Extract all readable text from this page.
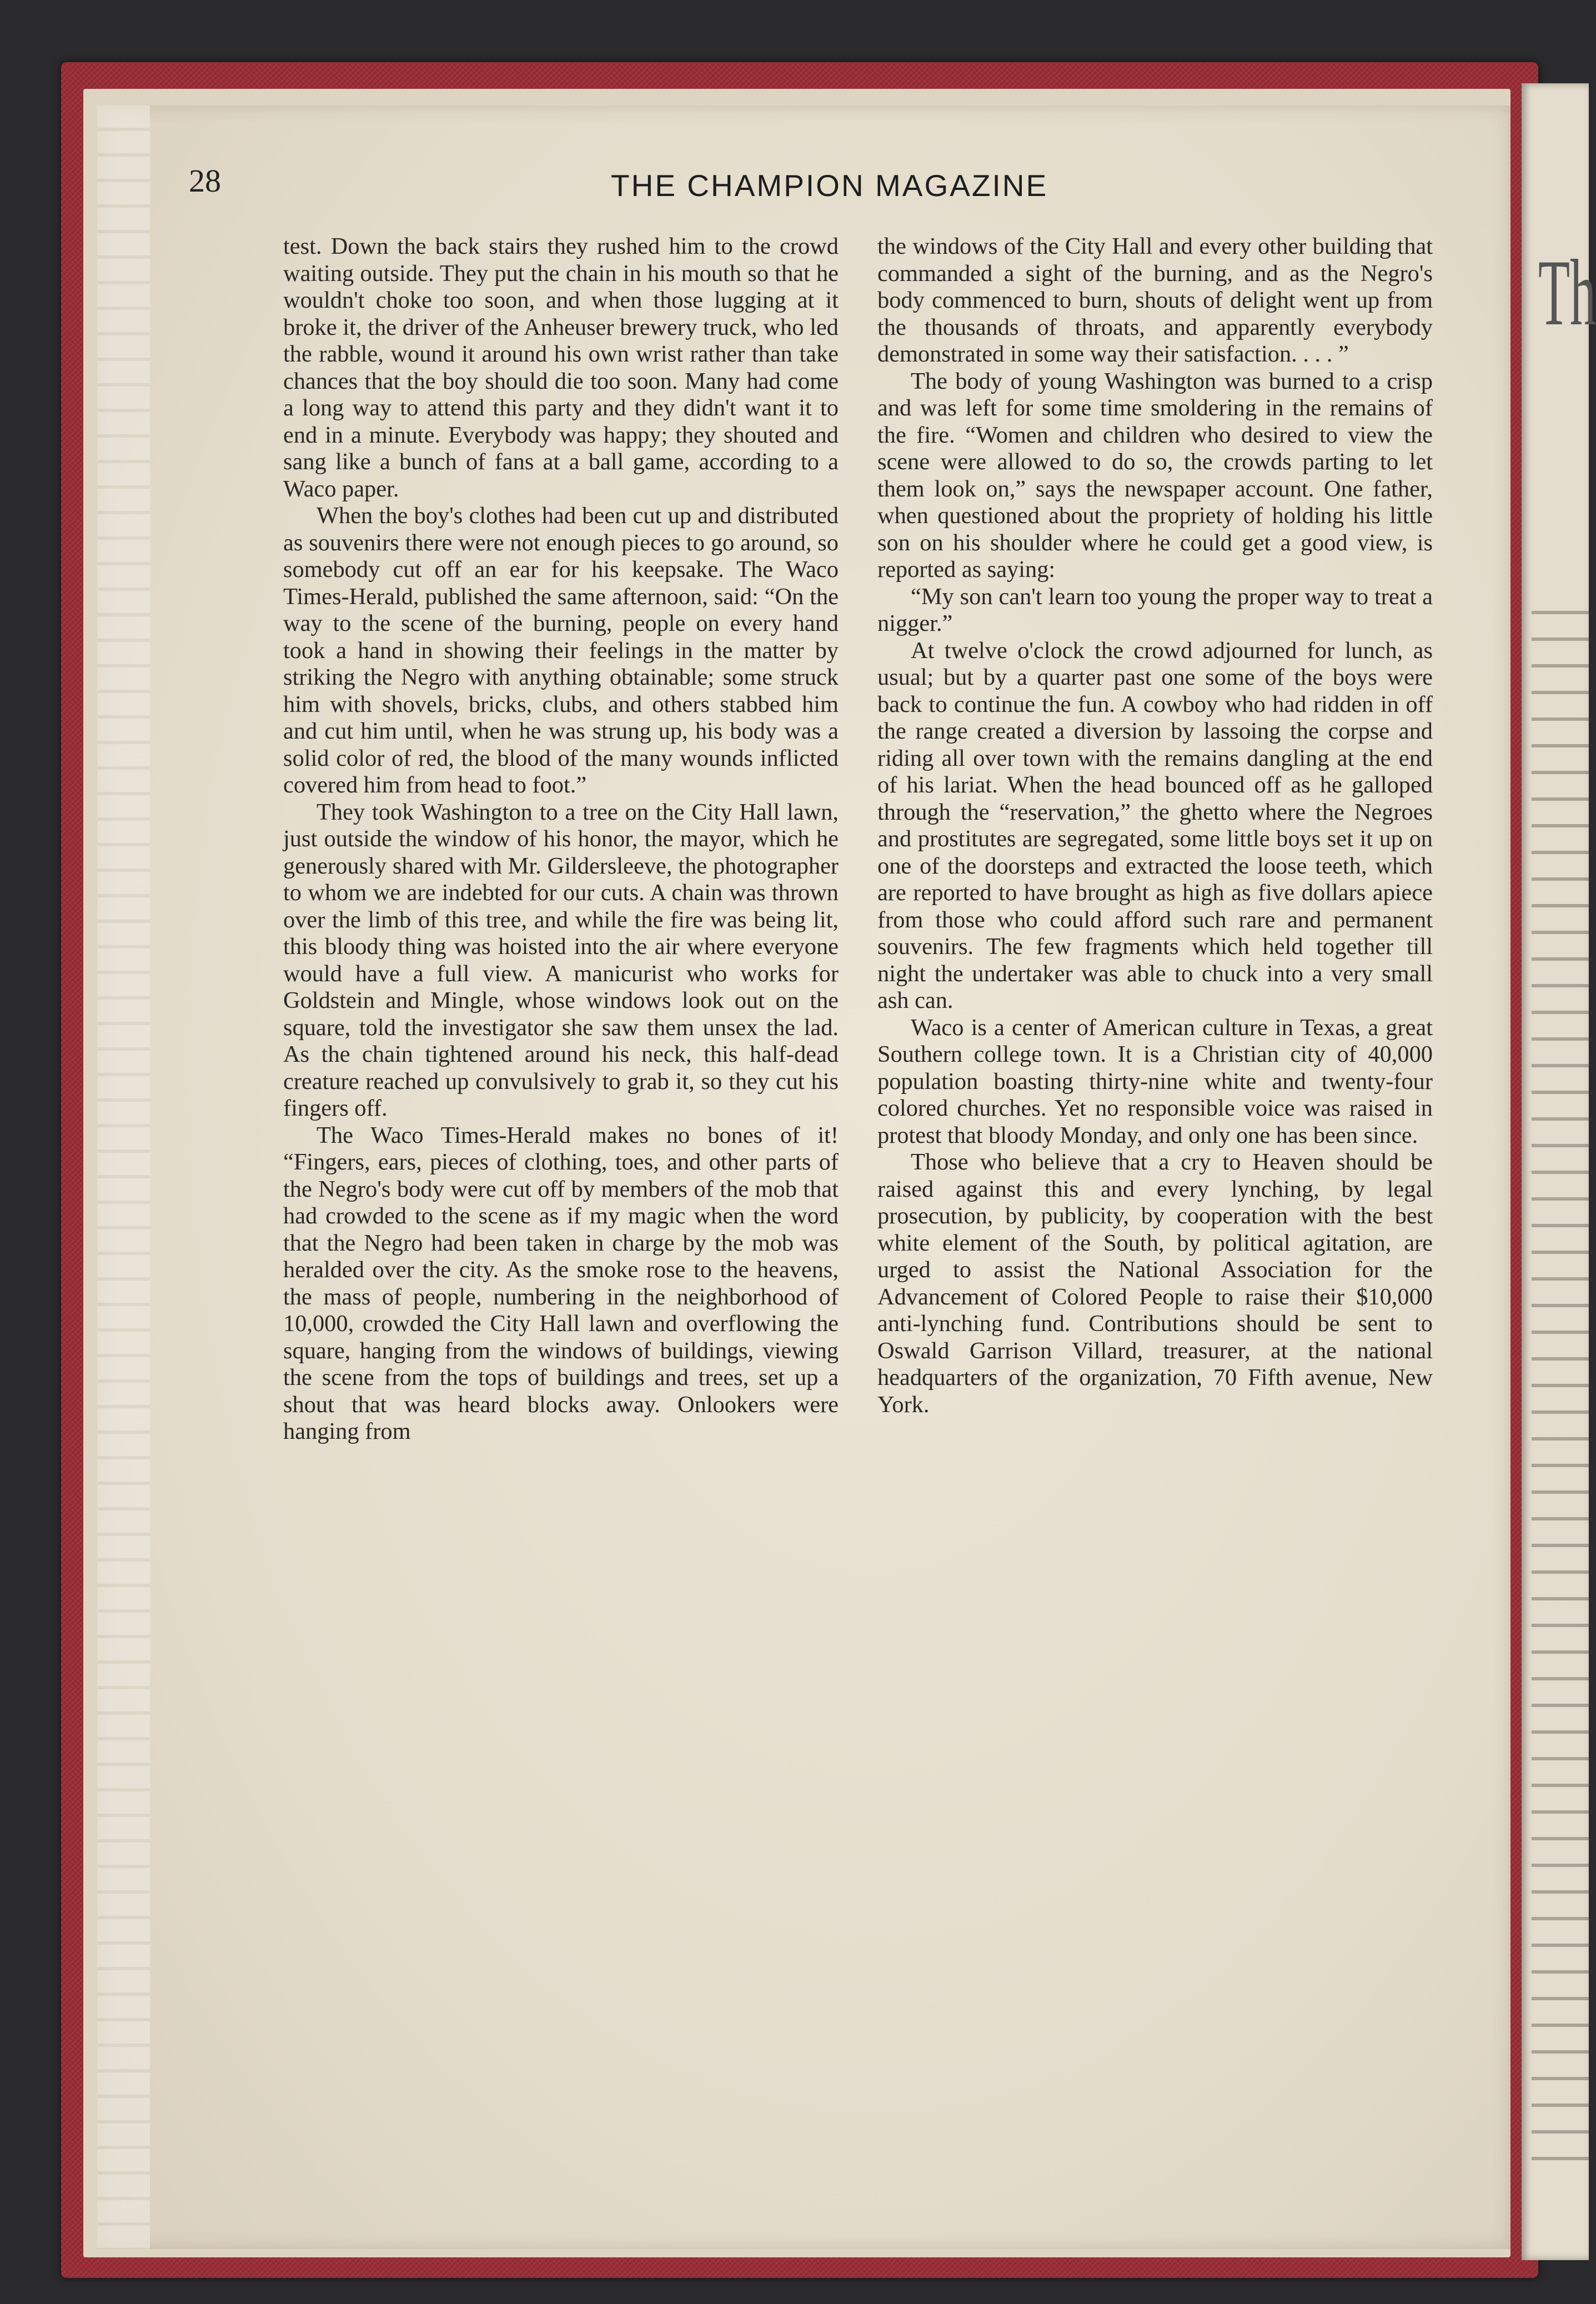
28	THE CHAMPION MAGAZINE

test. Down the back stairs they rushed him to the crowd waiting outside. They put the chain in his mouth so that he wouldn't choke too soon, and when those lugging at it broke it, the driver of the Anheuser brewery truck, who led the rabble, wound it around his own wrist rather than take chances that the boy should die too soon. Many had come a long way to attend this party and they didn't want it to end in a minute. Everybody was happy; they shouted and sang like a bunch of fans at a ball game, according to a Waco paper.

When the boy's clothes had been cut up and distributed as souvenirs there were not enough pieces to go around, so somebody cut off an ear for his keepsake. The Waco Times-Herald, published the same afternoon, said: “On the way to the scene of the burning, people on every hand took a hand in showing their feelings in the matter by striking the Negro with anything obtainable; some struck him with shovels, bricks, clubs, and others stabbed him and cut him until, when he was strung up, his body was a solid color of red, the blood of the many wounds inflicted covered him from head to foot.”

They took Washington to a tree on the City Hall lawn, just outside the window of his honor, the mayor, which he generously shared with Mr. Gildersleeve, the photographer to whom we are indebted for our cuts. A chain was thrown over the limb of this tree, and while the fire was being lit, this bloody thing was hoisted into the air where everyone would have a full view. A manicurist who works for Goldstein and Mingle, whose windows look out on the square, told the investigator she saw them unsex the lad. As the chain tightened around his neck, this half-dead creature reached up convulsively to grab it, so they cut his fingers off.

The Waco Times-Herald makes no bones of it! “Fingers, ears, pieces of clothing, toes, and other parts of the Negro's body were cut off by members of the mob that had crowded to the scene as if my magic when the word that the Negro had been taken in charge by the mob was heralded over the city. As the smoke rose to the heavens, the mass of people, numbering in the neighborhood of 10,000, crowded the City Hall lawn and overflowing the square, hanging from the windows of buildings, viewing the scene from the tops of buildings and trees, set up a shout that was heard blocks away. Onlookers were hanging from

the windows of the City Hall and every other building that commanded a sight of the burning, and as the Negro's body commenced to burn, shouts of delight went up from the thousands of throats, and apparently everybody demonstrated in some way their satisfaction. . . . ”

The body of young Washington was burned to a crisp and was left for some time smoldering in the remains of the fire. “Women and children who desired to view the scene were allowed to do so, the crowds parting to let them look on,” says the newspaper account. One father, when questioned about the propriety of holding his little son on his shoulder where he could get a good view, is reported as saying:

“My son can't learn too young the proper way to treat a nigger.”

At twelve o'clock the crowd adjourned for lunch, as usual; but by a quarter past one some of the boys were back to continue the fun. A cowboy who had ridden in off the range created a diversion by lassoing the corpse and riding all over town with the remains dangling at the end of his lariat. When the head bounced off as he galloped through the “reservation,” the ghetto where the Negroes and prostitutes are segregated, some little boys set it up on one of the doorsteps and extracted the loose teeth, which are reported to have brought as high as five dollars apiece from those who could afford such rare and permanent souvenirs. The few fragments which held together till night the undertaker was able to chuck into a very small ash can.

Waco is a center of American culture in Texas, a great Southern college town. It is a Christian city of 40,000 population boasting thirty-nine white and twenty-four colored churches. Yet no responsible voice was raised in protest that bloody Monday, and only one has been since.

Those who believe that a cry to Heaven should be raised against this and every lynching, by legal prosecution, by publicity, by cooperation with the best white element of the South, by political agitation, are urged to assist the National Association for the Advancement of Colored People to raise their $10,000 anti-lynching fund. Contributions should be sent to Oswald Garrison Villard, treasurer, at the national headquarters of the organization, 70 Fifth avenue, New York.

Th
